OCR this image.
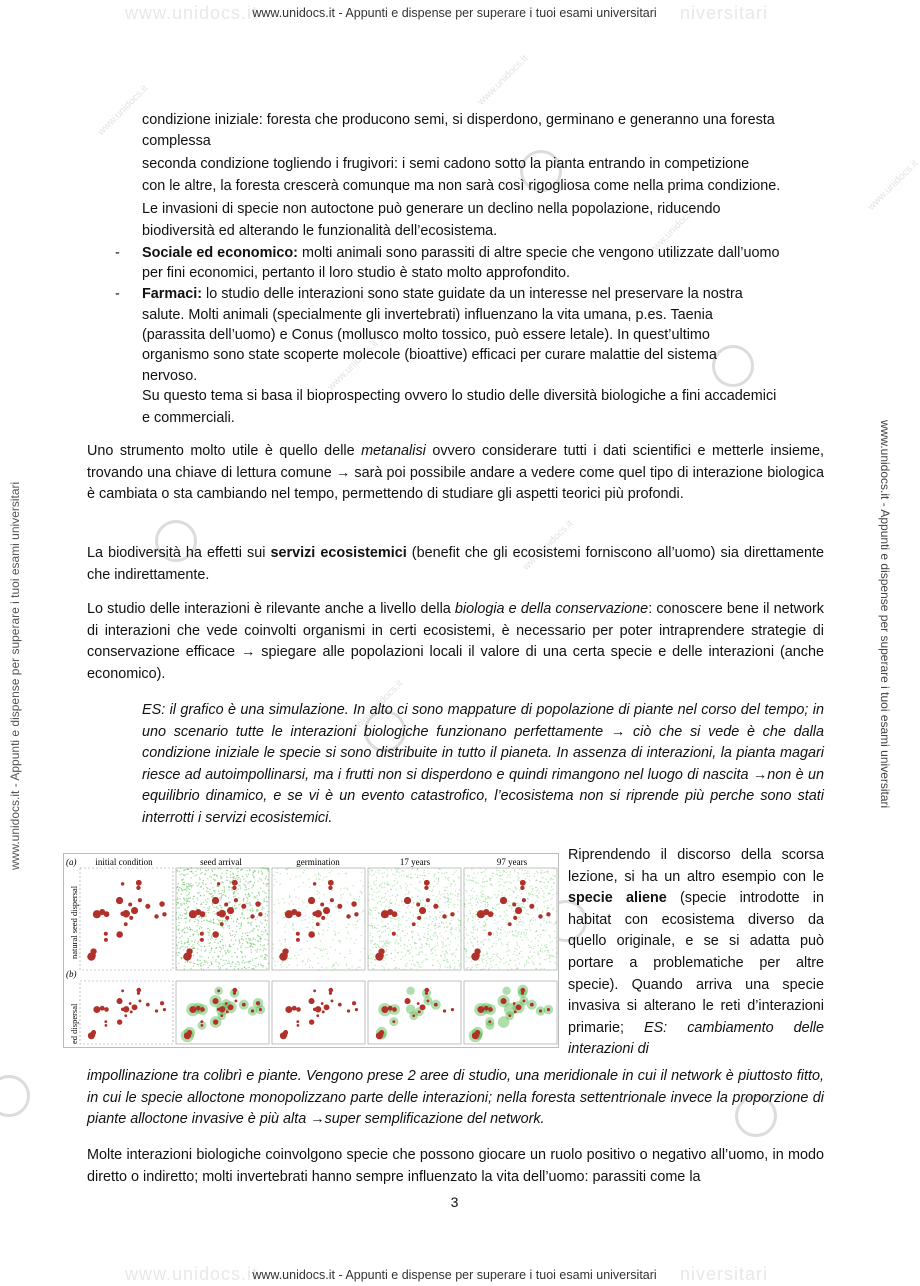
www.unidocs.it	niversitari
www.unidocs.it	niversitari
www.unidocs.it - Appunti e dispense per superare i tuoi esami universitari
www.unidocs.it - Appunti e dispense per superare i tuoi esami universitari
www.unidocs.it - Appunti e dispense per superare i tuoi esami universitari
www.unidocs.it - Appunti e dispense per superare i tuoi esami universitari
www.unidocs.it
www.unidocs.it
www.unidocs.it
www.unidocs.it
www.unidocs.it
www.unidocs.it
www.unidocs.it
condizione iniziale: foresta che producono semi, si disperdono, germinano e generanno una foresta
complessa
seconda condizione togliendo i frugivori: i semi cadono sotto la pianta entrando in competizione
con le altre, la foresta crescerà comunque ma non sarà così rigogliosa come nella prima condizione.
Le invasioni di specie non autoctone può generare un declino nella popolazione, riducendo
biodiversità ed alterando le funzionalità dell’ecosistema.
- Sociale ed economico: molti animali sono parassiti di altre specie che vengono utilizzate dall’uomo
per fini economici, pertanto il loro studio è stato molto approfondito.
- Farmaci: lo studio delle interazioni sono state guidate da un interesse nel preservare la nostra
salute. Molti animali (specialmente gli invertebrati) influenzano la vita umana, p.es. Taenia
(parassita dell’uomo) e Conus (mollusco molto tossico, può essere letale). In quest’ultimo
organismo sono state scoperte molecole (bioattive) efficaci per curare malattie del sistema
nervoso.
Su questo tema si basa il bioprospecting ovvero lo studio delle diversità biologiche a fini accademici
e commerciali.
Uno strumento molto utile è quello delle metanalisi ovvero considerare tutti i dati scientifici e metterle insieme, trovando una chiave di lettura comune → sarà poi possibile andare a vedere come quel tipo di interazione biologica è cambiata o sta cambiando nel tempo, permettendo di studiare gli aspetti teorici più profondi.
La biodiversità ha effetti sui servizi ecosistemici (benefit che gli ecosistemi forniscono all’uomo) sia direttamente che indirettamente.
Lo studio delle interazioni è rilevante anche a livello della biologia e della conservazione: conoscere bene il network di interazioni che vede coinvolti organismi in certi ecosistemi, è necessario per poter intraprendere strategie di conservazione efficace → spiegare alle popolazioni locali il valore di una certa specie e delle interazioni (anche economico).
ES: il grafico è una simulazione. In alto ci sono mappature di popolazione di piante nel corso del tempo; in uno scenario tutte le interazioni biologiche funzionano perfettamente → ciò che si vede è che dalla condizione iniziale le specie si sono distribuite in tutto il pianeta. In assenza di interazioni, la pianta magari riesce ad autoimpollinarsi, ma i frutti non si disperdono e quindi rimangono nel luogo di nascita →non è un equilibrio dinamico, e se vi è un evento catastrofico, l’ecosistema non si riprende più perche sono stati interrotti i servizi ecosistemici.
Riprendendo il discorso della scorsa lezione, si ha un altro esempio con le specie aliene (specie introdotte in habitat con ecosistema diverso da quello originale, e se si adatta può portare a problematiche per altre specie). Quando arriva una specie invasiva si alterano le reti d’interazioni primarie; ES: cambiamento delle interazioni di
impollinazione tra colibrì e piante. Vengono prese 2 aree di studio, una meridionale in cui il network è piuttosto fitto, in cui le specie alloctone monopolizzano parte delle interazioni; nella foresta settentrionale invece la proporzione di piante alloctone invasive è più alta →super semplificazione del network.
Molte interazioni biologiche coinvolgono specie che possono giocare un ruolo positivo o negativo all’uomo, in modo diretto o indiretto; molti invertebrati hanno sempre influenzato la vita dell’uomo: parassiti come la
(a)
(b)
initial condition	seed arrival	germination	17 years	97 years
natural seed dispersal
ed dispersal
3
